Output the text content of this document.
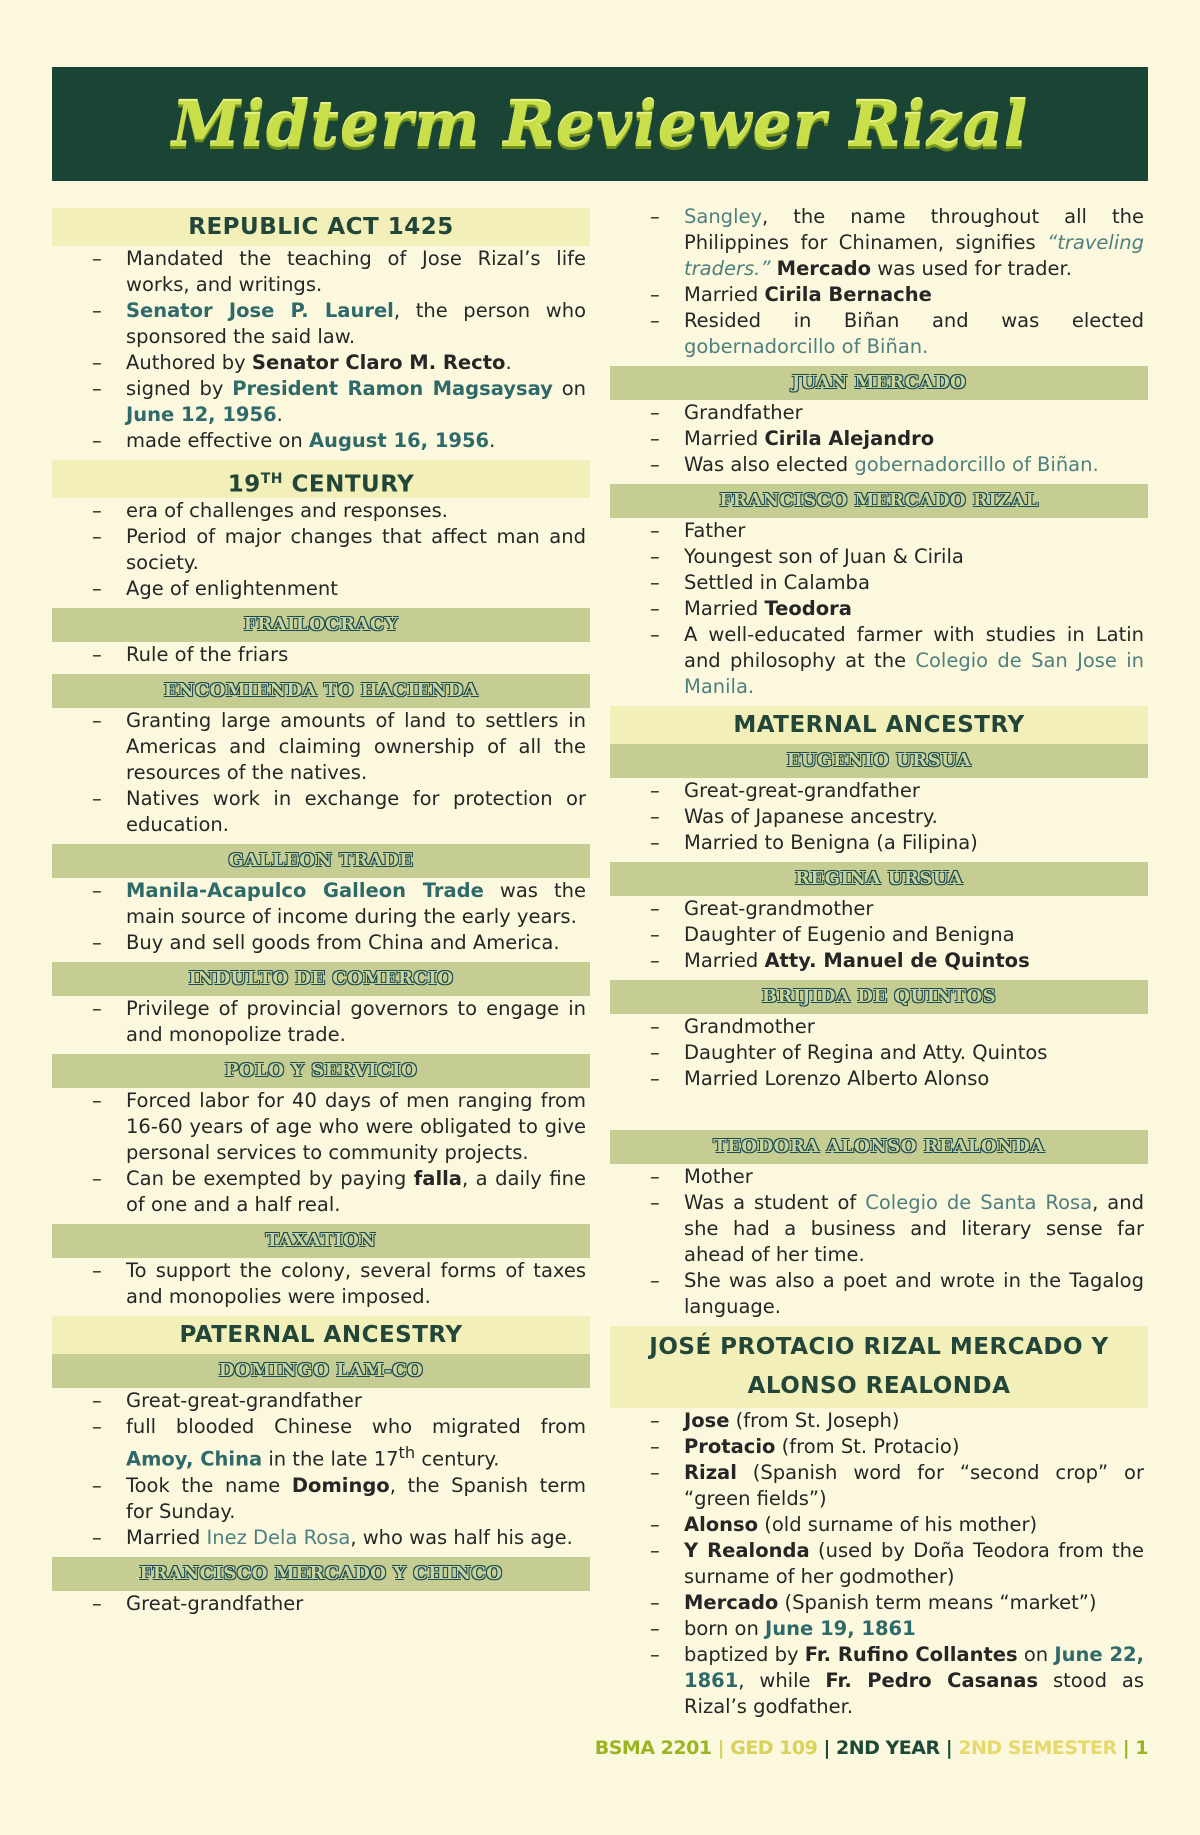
Midterm Reviewer Rizal
REPUBLIC ACT 1425
– Mandated the teaching of Jose Rizal’s life works, and writings.
– Senator Jose P. Laurel, the person who sponsored the said law.
– Authored by Senator Claro M. Recto.
– signed by President Ramon Magsaysay on June 12, 1956.
– made effective on August 16, 1956.
19TH CENTURY
– era of challenges and responses.
– Period of major changes that affect man and society.
– Age of enlightenment
FRAILOCRACY
– Rule of the friars
ENCOMIENDA TO HACIENDA
– Granting large amounts of land to settlers in Americas and claiming ownership of all the resources of the natives.
– Natives work in exchange for protection or education.
GALLEON TRADE
– Manila-Acapulco Galleon Trade was the main source of income during the early years.
– Buy and sell goods from China and America.
INDULTO DE COMERCIO
– Privilege of provincial governors to engage in and monopolize trade.
POLO Y SERVICIO
– Forced labor for 40 days of men ranging from 16-60 years of age who were obligated to give personal services to community projects.
– Can be exempted by paying falla, a daily fine of one and a half real.
TAXATION
– To support the colony, several forms of taxes and monopolies were imposed.
PATERNAL ANCESTRY
DOMINGO LAM-CO
– Great-great-grandfather
– full blooded Chinese who migrated from Amoy, China in the late 17th century.
– Took the name Domingo, the Spanish term for Sunday.
– Married Inez Dela Rosa, who was half his age.
FRANCISCO MERCADO Y CHINCO
– Great-grandfather
– Sangley, the name throughout all the Philippines for Chinamen, signifies “traveling traders.” Mercado was used for trader.
– Married Cirila Bernache
– Resided in Biñan and was elected gobernadorcillo of Biñan.
JUAN MERCADO
– Grandfather
– Married Cirila Alejandro
– Was also elected gobernadorcillo of Biñan.
FRANCISCO MERCADO RIZAL
– Father
– Youngest son of Juan & Cirila
– Settled in Calamba
– Married Teodora
– A well-educated farmer with studies in Latin and philosophy at the Colegio de San Jose in Manila.
MATERNAL ANCESTRY
EUGENIO URSUA
– Great-great-grandfather
– Was of Japanese ancestry.
– Married to Benigna (a Filipina)
REGINA URSUA
– Great-grandmother
– Daughter of Eugenio and Benigna
– Married Atty. Manuel de Quintos
BRIJIDA DE QUINTOS
– Grandmother
– Daughter of Regina and Atty. Quintos
– Married Lorenzo Alberto Alonso
TEODORA ALONSO REALONDA
– Mother
– Was a student of Colegio de Santa Rosa, and she had a business and literary sense far ahead of her time.
– She was also a poet and wrote in the Tagalog language.
JOSÉ PROTACIO RIZAL MERCADO Y
ALONSO REALONDA
– Jose (from St. Joseph)
– Protacio (from St. Protacio)
– Rizal (Spanish word for “second crop” or “green fields”)
– Alonso (old surname of his mother)
– Y Realonda (used by Doña Teodora from the surname of her godmother)
– Mercado (Spanish term means “market”)
– born on June 19, 1861
– baptized by Fr. Rufino Collantes on June 22, 1861, while Fr. Pedro Casanas stood as Rizal’s godfather.
BSMA 2201 | GED 109 | 2ND YEAR | 2ND SEMESTER | 1
